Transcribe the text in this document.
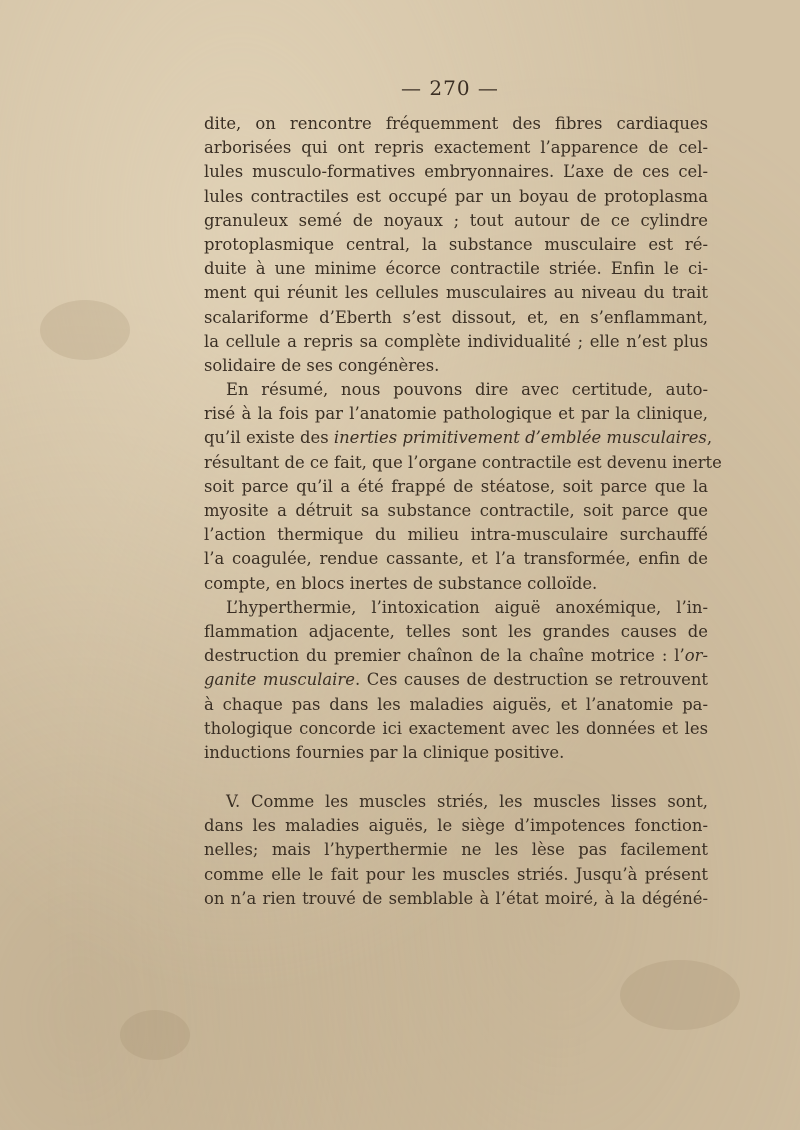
— 270 —
dite, on rencontre fréquemment des fibres cardiaques
arborisées qui ont repris exactement l’apparence de cel-
lules musculo-formatives embryonnaires. L’axe de ces cel-
lules contractiles est occupé par un boyau de protoplasma
granuleux semé de noyaux ; tout autour de ce cylindre
protoplasmique central, la substance musculaire est ré-
duite à une minime écorce contractile striée. Enfin le ci-
ment qui réunit les cellules musculaires au niveau du trait
scalariforme d’Eberth s’est dissout, et, en s’enflammant,
la cellule a repris sa complète individualité ; elle n’est plus
solidaire de ses congénères.
En résumé, nous pouvons dire avec certitude, auto-
risé à la fois par l’anatomie pathologique et par la clinique,
qu’il existe des inerties primitivement d’emblée musculaires,
résultant de ce fait, que l’organe contractile est devenu inerte
soit parce qu’il a été frappé de stéatose, soit parce que la
myosite a détruit sa substance contractile, soit parce que
l’action thermique du milieu intra-musculaire surchauffé
l’a coagulée, rendue cassante, et l’a transformée, enfin de
compte, en blocs inertes de substance colloïde.
L’hyperthermie, l’intoxication aiguë anoxémique, l’in-
flammation adjacente, telles sont les grandes causes de
destruction du premier chaînon de la chaîne motrice : l’or-
ganite musculaire. Ces causes de destruction se retrouvent
à chaque pas dans les maladies aiguës, et l’anatomie pa-
thologique concorde ici exactement avec les données et les
inductions fournies par la clinique positive.
V. Comme les muscles striés, les muscles lisses sont,
dans les maladies aiguës, le siège d’impotences fonction-
nelles; mais l’hyperthermie ne les lèse pas facilement
comme elle le fait pour les muscles striés. Jusqu’à présent
on n’a rien trouvé de semblable à l’état moiré, à la dégéné-
